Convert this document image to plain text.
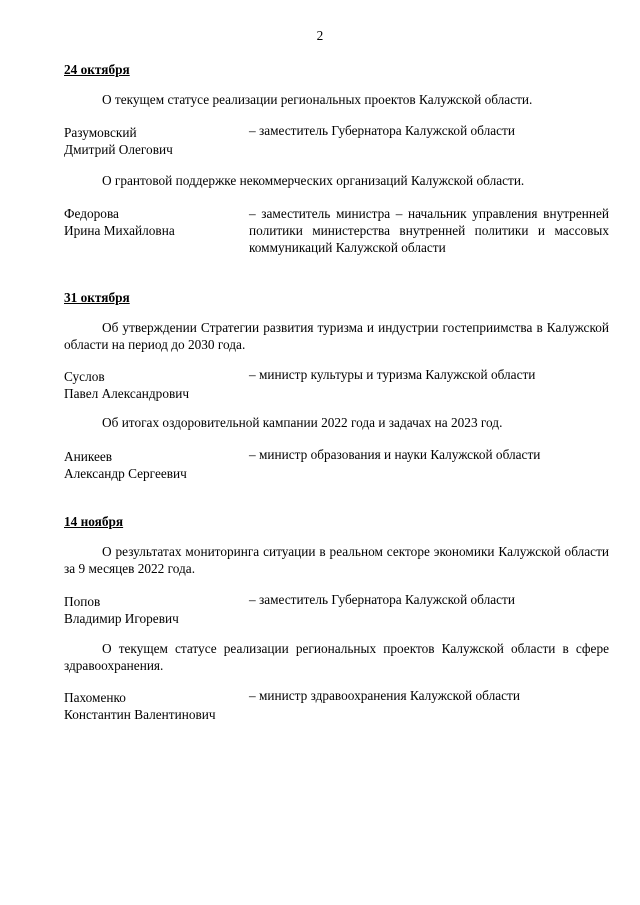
2
24 октября
О текущем статусе реализации региональных проектов Калужской области.
Разумовский
Дмитрий Олегович
– заместитель Губернатора Калужской области
О грантовой поддержке некоммерческих организаций Калужской области.
Федорова
Ирина Михайловна
– заместитель министра – начальник управления внутренней политики министерства внутренней политики и массовых коммуникаций Калужской области
31 октября
Об утверждении Стратегии развития туризма и индустрии гостеприимства в Калужской области на период до 2030 года.
Суслов
Павел Александрович
– министр культуры и туризма Калужской области
Об итогах оздоровительной кампании 2022 года и задачах на 2023 год.
Аникеев
Александр Сергеевич
– министр образования и науки Калужской области
14 ноября
О результатах мониторинга ситуации в реальном секторе экономики Калужской области за 9 месяцев 2022 года.
Попов
Владимир Игоревич
– заместитель Губернатора Калужской области
О текущем статусе реализации региональных проектов Калужской области в сфере здравоохранения.
Пахоменко
Константин Валентинович
– министр здравоохранения Калужской области
